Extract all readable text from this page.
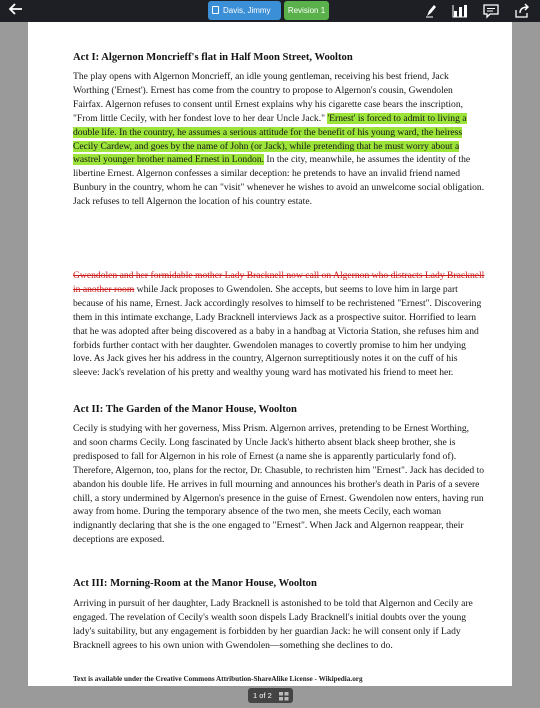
Davis, Jimmy	Revision 1
Act I: Algernon Moncrieff's flat in Half Moon Street, Woolton

The play opens with Algernon Moncrieff, an idle young gentleman, receiving his best friend, Jack Worthing ('Ernest'). Ernest has come from the country to propose to Algernon's cousin, Gwendolen Fairfax. Algernon refuses to consent until Ernest explains why his cigarette case bears the inscription, "From little Cecily, with her fondest love to her dear Uncle Jack." 'Ernest' is forced to admit to living a double life. In the country, he assumes a serious attitude for the benefit of his young ward, the heiress Cecily Cardew, and goes by the name of John (or Jack), while pretending that he must worry about a wastrel younger brother named Ernest in London. In the city, meanwhile, he assumes the identity of the libertine Ernest. Algernon confesses a similar deception: he pretends to have an invalid friend named Bunbury in the country, whom he can "visit" whenever he wishes to avoid an unwelcome social obligation. Jack refuses to tell Algernon the location of his country estate.

Gwendolen and her formidable mother Lady Bracknell now call on Algernon who distracts Lady Bracknell in another room while Jack proposes to Gwendolen. She accepts, but seems to love him in large part because of his name, Ernest. Jack accordingly resolves to himself to be rechristened "Ernest". Discovering them in this intimate exchange, Lady Bracknell interviews Jack as a prospective suitor. Horrified to learn that he was adopted after being discovered as a baby in a handbag at Victoria Station, she refuses him and forbids further contact with her daughter. Gwendolen manages to covertly promise to him her undying love. As Jack gives her his address in the country, Algernon surreptitiously notes it on the cuff of his sleeve: Jack's revelation of his pretty and wealthy young ward has motivated his friend to meet her.

Act II: The Garden of the Manor House, Woolton

Cecily is studying with her governess, Miss Prism. Algernon arrives, pretending to be Ernest Worthing, and soon charms Cecily. Long fascinated by Uncle Jack's hitherto absent black sheep brother, she is predisposed to fall for Algernon in his role of Ernest (a name she is apparently particularly fond of). Therefore, Algernon, too, plans for the rector, Dr. Chasuble, to rechristen him "Ernest". Jack has decided to abandon his double life. He arrives in full mourning and announces his brother's death in Paris of a severe chill, a story undermined by Algernon's presence in the guise of Ernest. Gwendolen now enters, having run away from home. During the temporary absence of the two men, she meets Cecily, each woman indignantly declaring that she is the one engaged to "Ernest". When Jack and Algernon reappear, their deceptions are exposed.

Act III: Morning-Room at the Manor House, Woolton

Arriving in pursuit of her daughter, Lady Bracknell is astonished to be told that Algernon and Cecily are engaged. The revelation of Cecily's wealth soon dispels Lady Bracknell's initial doubts over the young lady's suitability, but any engagement is forbidden by her guardian Jack: he will consent only if Lady Bracknell agrees to his own union with Gwendolen—something she declines to do.

Text is available under the Creative Commons Attribution-ShareAlike License - Wikipedia.org
1 of 2
